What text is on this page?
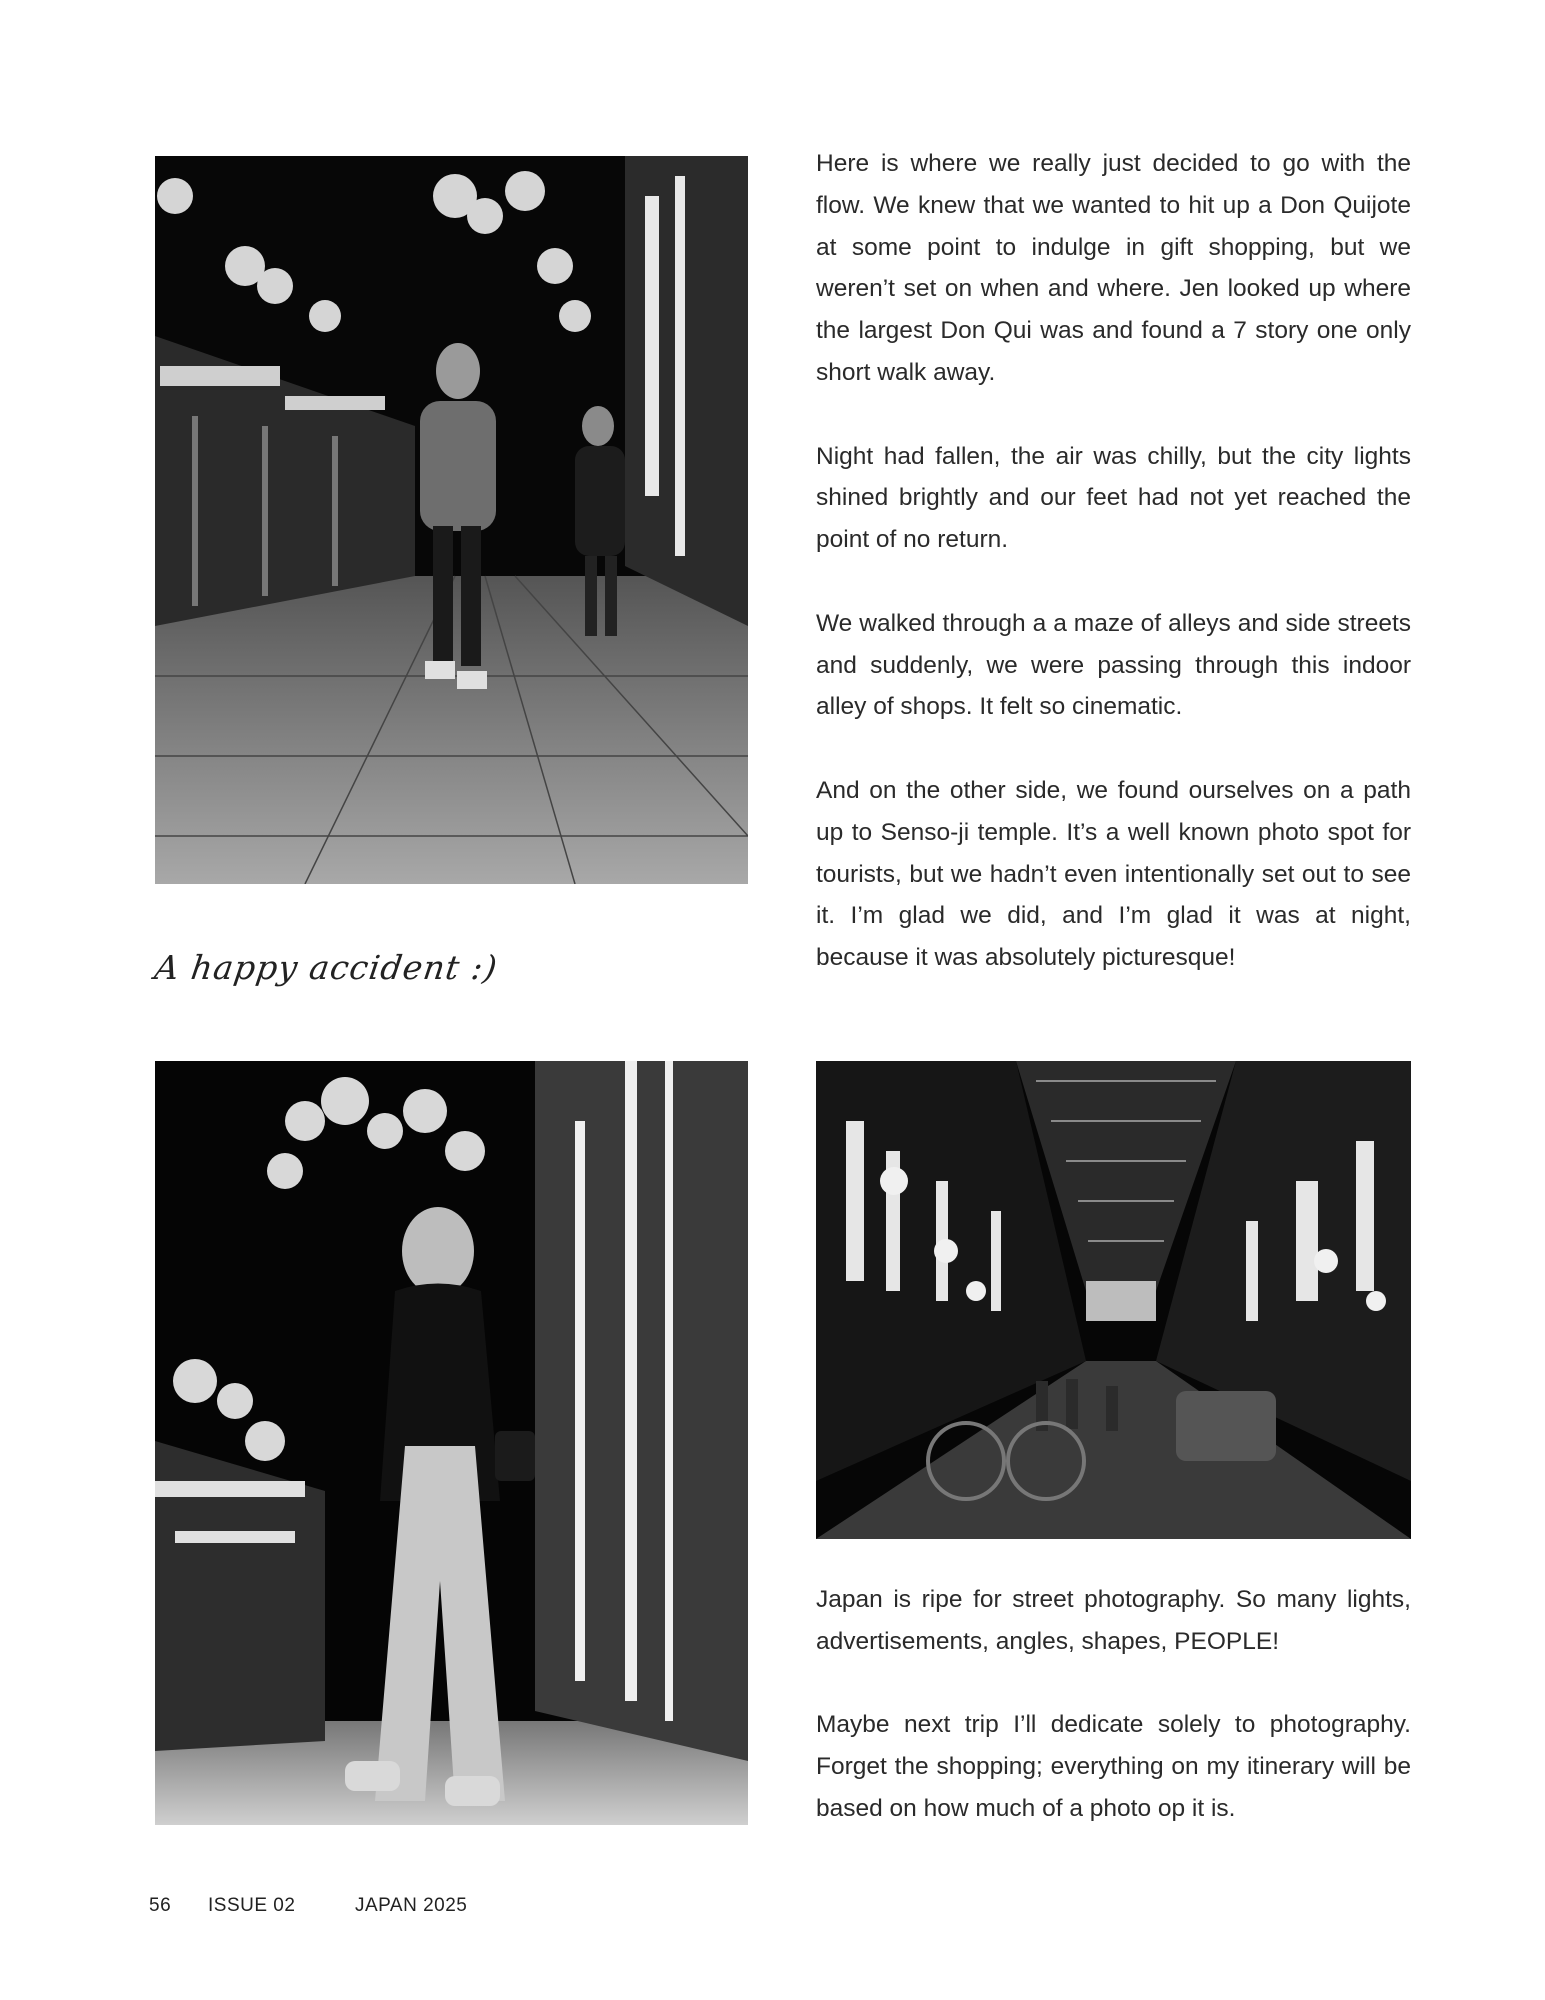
A happy accident :)

Here is where we really just decided to go with the flow. We knew that we wanted to hit up a Don Quijote at some point to indulge in gift shopping, but we weren’t set on when and where. Jen looked up where the largest Don Qui was and found a 7 story one only short walk away.

Night had fallen, the air was chilly, but the city lights shined brightly and our feet had not yet reached the point of no return.

We walked through a a maze of alleys and side streets and suddenly, we were passing through this indoor alley of shops. It felt so cinematic.

And on the other side, we found ourselves on a path up to Senso-ji temple. It’s a well known photo spot for tourists, but we hadn’t even intentionally set out to see it. I’m glad we did, and I’m glad it was at night, because it was absolutely picturesque!

Japan is ripe for street photography. So many lights, advertisements, angles, shapes, PEOPLE!

Maybe next trip I’ll dedicate solely to photography. Forget the shopping; everything on my itinerary will be based on how much of a photo op it is.

56 ISSUE 02	JAPAN 2025
